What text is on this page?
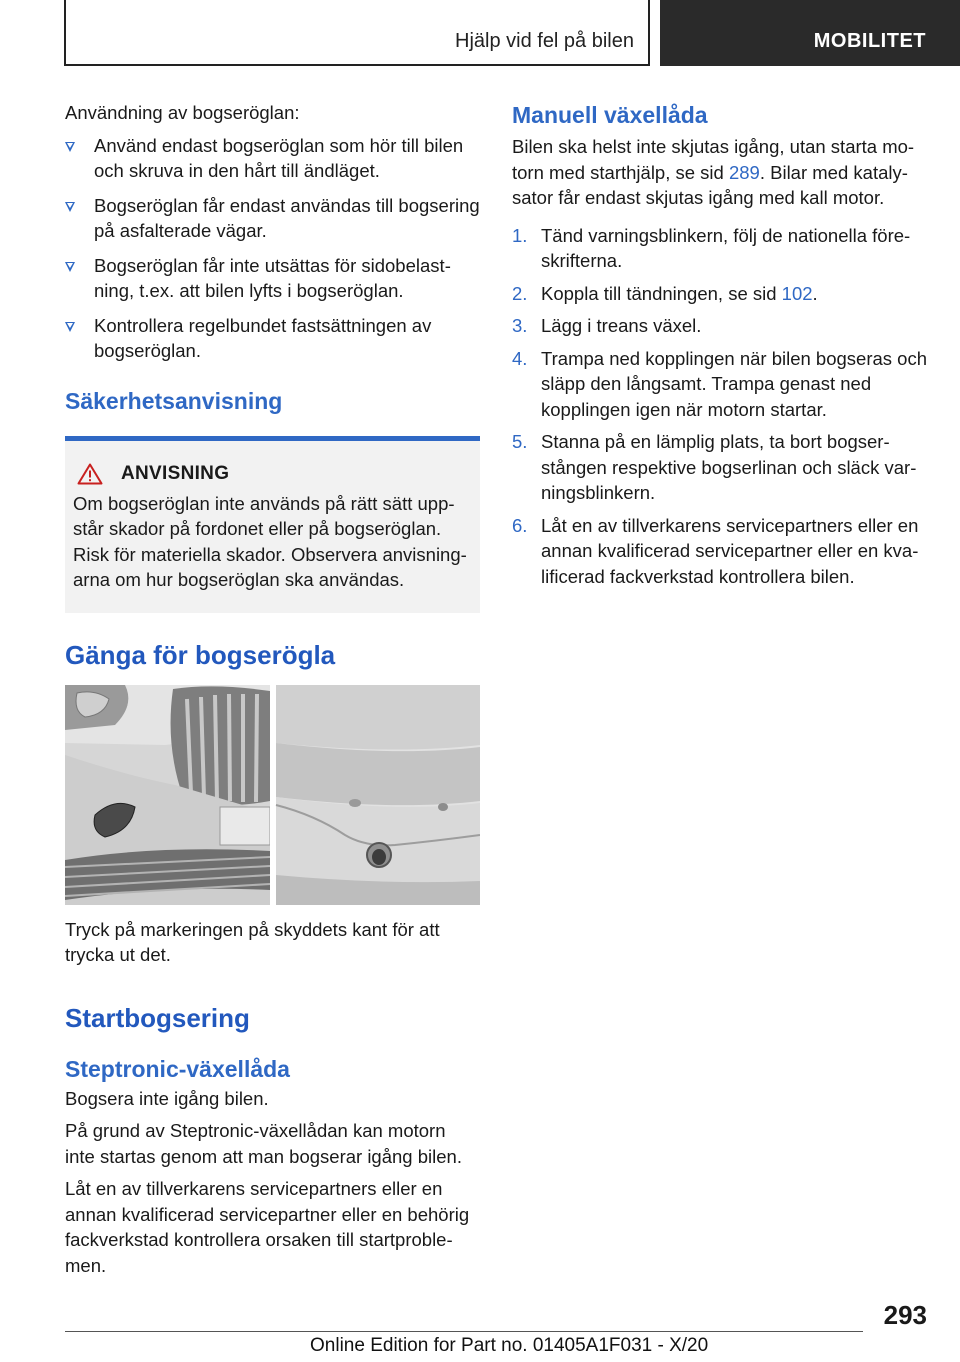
Hjälp vid fel på bilen	MOBILITET

Användning av bogseröglan:

Använd endast bogseröglan som hör till bilen och skruva in den hårt till ändläget.
Bogseröglan får endast användas till bogsering på asfalterade vägar.
Bogseröglan får inte utsättas för sidobelastning, t.ex. att bilen lyfts i bogseröglan.
Kontrollera regelbundet fastsättningen av bogseröglan.
Säkerhetsanvisning
ANVISNING

Om bogseröglan inte används på rätt sätt uppstår skador på fordonet eller på bogseröglan. Risk för materiella skador. Observera anvisningarna om hur bogseröglan ska användas.

Gänga för bogserögla

Tryck på markeringen på skyddets kant för att trycka ut det.

Startbogsering
Steptronic-växellåda

Bogsera inte igång bilen.

På grund av Steptronic-växellådan kan motorn inte startas genom att man bogserar igång bilen.

Låt en av tillverkarens servicepartners eller en annan kvalificerad servicepartner eller en behörig fackverkstad kontrollera orsaken till startproblemen.

Manuell växellåda

Bilen ska helst inte skjutas igång, utan starta motorn med starthjälp, se sid 289. Bilar med katalysator får endast skjutas igång med kall motor.

1. Tänd varningsblinkern, följ de nationella föreskrifterna.
2. Koppla till tändningen, se sid 102.
3. Lägg i treans växel.
4. Trampa ned kopplingen när bilen bogseras och släpp den långsamt. Trampa genast ned kopplingen igen när motorn startar.
5. Stanna på en lämplig plats, ta bort bogserstången respektive bogserlinan och släck varningsblinkern.
6. Låt en av tillverkarens servicepartners eller en annan kvalificerad servicepartner eller en kvalificerad fackverkstad kontrollera bilen.
293
Online Edition for Part no. 01405A1F031 - X/20
